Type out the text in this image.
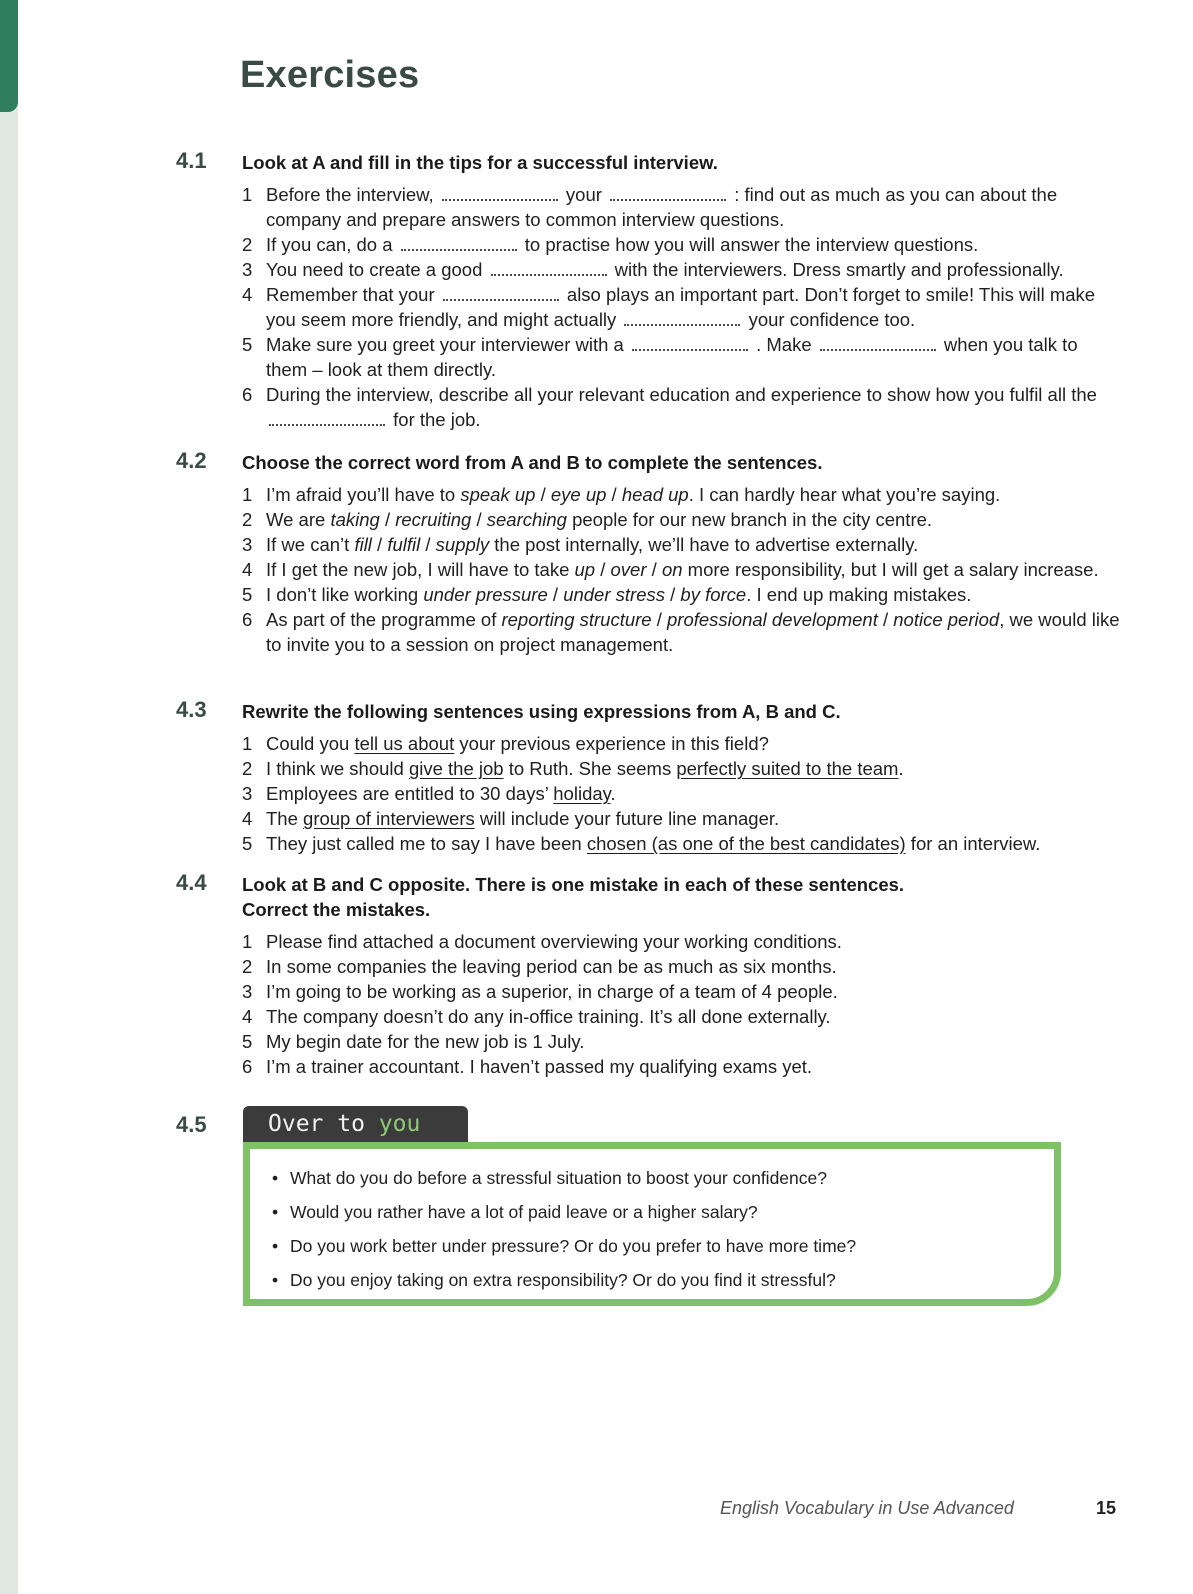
Exercises
4.1 Look at A and fill in the tips for a successful interview.
1 Before the interview,	your	: find out as much as you can about the company and prepare answers to common interview questions.
2 If you can, do a	to practise how you will answer the interview questions.
3 You need to create a good	with the interviewers. Dress smartly and professionally.
4 Remember that your	also plays an important part. Don’t forget to smile! This will make you seem more friendly, and might actually	your confidence too.
5 Make sure you greet your interviewer with a	. Make	when you talk to them – look at them directly.
6 During the interview, describe all your relevant education and experience to show how you fulfil all the  for the job.
4.2 Choose the correct word from A and B to complete the sentences.
1 I’m afraid you’ll have to speak up / eye up / head up. I can hardly hear what you’re saying.
2 We are taking / recruiting / searching people for our new branch in the city centre.
3 If we can’t fill / fulfil / supply the post internally, we’ll have to advertise externally.
4 If I get the new job, I will have to take up / over / on more responsibility, but I will get a salary increase.
5 I don’t like working under pressure / under stress / by force. I end up making mistakes.
6 As part of the programme of reporting structure / professional development / notice period, we would like to invite you to a session on project management.
4.3 Rewrite the following sentences using expressions from A, B and C.
1 Could you tell us about your previous experience in this field?
2 I think we should give the job to Ruth. She seems perfectly suited to the team.
3 Employees are entitled to 30 days’ holiday.
4 The group of interviewers will include your future line manager.
5 They just called me to say I have been chosen (as one of the best candidates) for an interview.
4.4 Look at B and C opposite. There is one mistake in each of these sentences.
Correct the mistakes.
1 Please find attached a document overviewing your working conditions.
2 In some companies the leaving period can be as much as six months.
3 I’m going to be working as a superior, in charge of a team of 4 people.
4 The company doesn’t do any in-office training. It’s all done externally.
5 My begin date for the new job is 1 July.
6 I’m a trainer accountant. I haven’t passed my qualifying exams yet.
4.5	Over to you
• What do you do before a stressful situation to boost your confidence?
• Would you rather have a lot of paid leave or a higher salary?
• Do you work better under pressure? Or do you prefer to have more time?
• Do you enjoy taking on extra responsibility? Or do you find it stressful?
English Vocabulary in Use Advanced	15
